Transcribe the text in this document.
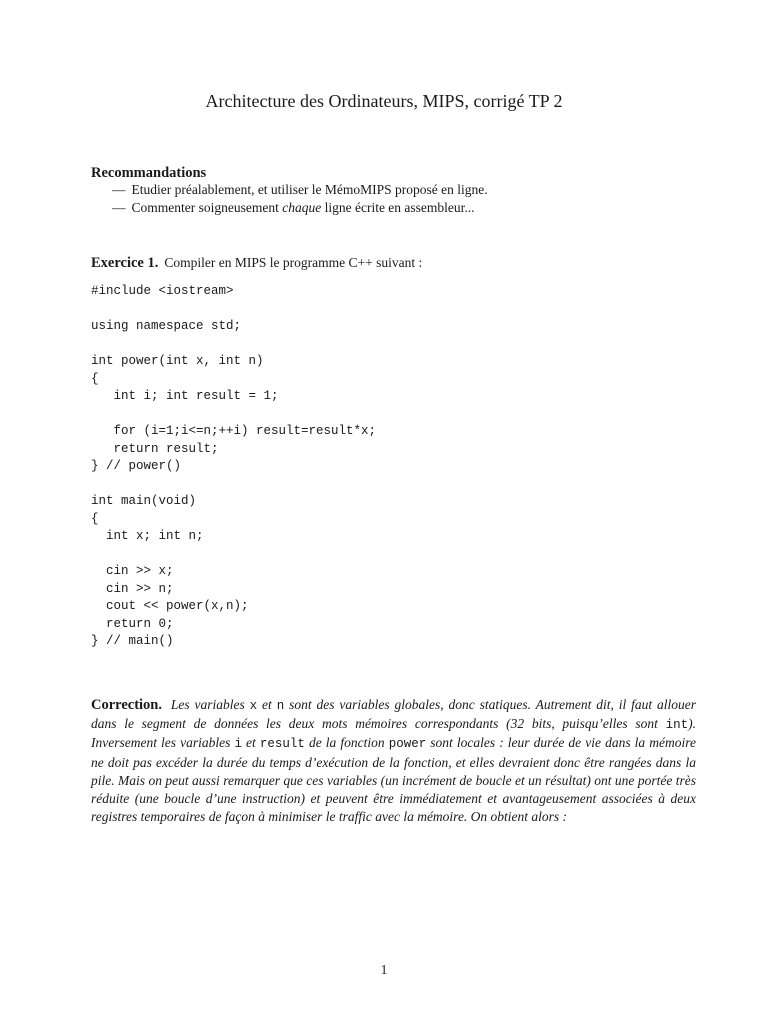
Architecture des Ordinateurs, MIPS, corrigé TP 2
Recommandations
— Etudier préalablement, et utiliser le MémoMIPS proposé en ligne.
— Commenter soigneusement chaque ligne écrite en assembleur...
Exercice 1. Compiler en MIPS le programme C++ suivant :
#include <iostream>
using namespace std;
int power(int x, int n)
{
int i; int result = 1;
for (i=1;i<=n;++i) result=result*x;
return result;
} // power()
int main(void)
{
int x; int n;
cin >> x;
cin >> n;
cout << power(x,n);
return 0;
} // main()
Correction. Les variables x et n sont des variables globales, donc statiques. Autrement dit, il faut allouer dans le segment de données les deux mots mémoires correspondants (32 bits, puisqu’elles sont int). Inversement les variables i et result de la fonction power sont locales : leur durée de vie dans la mémoire ne doit pas excéder la durée du temps d’exécution de la fonction, et elles devraient donc être rangées dans la pile. Mais on peut aussi remarquer que ces variables (un incrément de boucle et un résultat) ont une portée très réduite (une boucle d’une instruction) et peuvent être immédiatement et avantageusement associées à deux registres temporaires de façon à minimiser le traffic avec la mémoire. On obtient alors :
1
